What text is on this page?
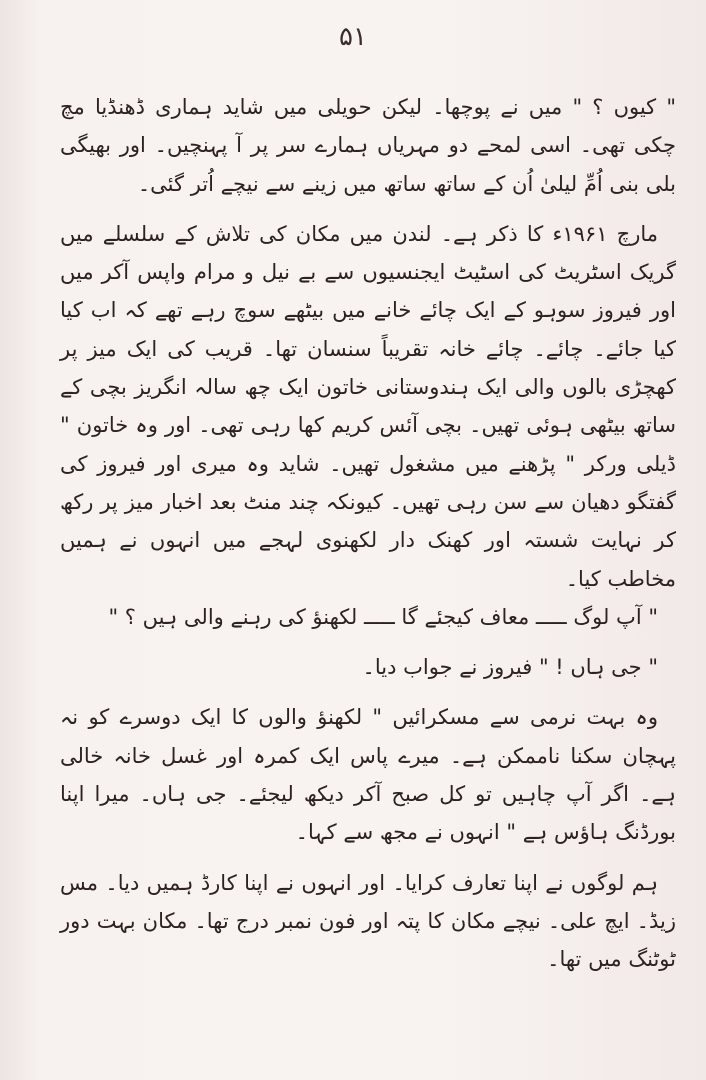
۵۱

" کیوں ؟ " میں نے پوچھا۔ لیکن حویلی میں شاید ہماری ڈھنڈیا مچ چکی تھی۔ اسی لمحے دو مہریاں ہمارے سر پر آ پہنچیں۔ اور بھیگی بلی بنی اُمِّ لیلیٰ اُن کے ساتھ ساتھ میں زینے سے نیچے اُتر گئی۔

مارچ ۱۹۶۱ء کا ذکر ہے۔ لندن میں مکان کی تلاش کے سلسلے میں گریک اسٹریٹ کی اسٹیٹ ایجنسیوں سے بے نیل و مرام واپس آکر میں اور فیروز سوہو کے ایک چائے خانے میں بیٹھے سوچ رہے تھے کہ اب کیا کیا جائے۔ چائے۔ چائے خانہ تقریباً سنسان تھا۔ قریب کی ایک میز پر کھچڑی بالوں والی ایک ہندوستانی خاتون ایک چھ سالہ انگریز بچی کے ساتھ بیٹھی ہوئی تھیں۔ بچی آئس کریم کھا رہی تھی۔ اور وہ خاتون " ڈیلی ورکر " پڑھنے میں مشغول تھیں۔ شاید وہ میری اور فیروز کی گفتگو دھیان سے سن رہی تھیں۔ کیونکہ چند منٹ بعد اخبار میز پر رکھ کر نہایت شستہ اور کھنک دار لکھنوی لہجے میں انہوں نے ہمیں مخاطب کیا۔

" آپ لوگ ـــــ معاف کیجئے گا ـــــ لکھنؤ کی رہنے والی ہیں ؟ "

" جی ہاں ! " فیروز نے جواب دیا۔

وہ بہت نرمی سے مسکرائیں " لکھنؤ والوں کا ایک دوسرے کو نہ پہچان سکنا ناممکن ہے۔ میرے پاس ایک کمرہ اور غسل خانہ خالی ہے۔ اگر آپ چاہیں تو کل صبح آکر دیکھ لیجئے۔ جی ہاں۔ میرا اپنا بورڈنگ ہاؤس ہے " انہوں نے مجھ سے کہا۔

ہم لوگوں نے اپنا تعارف کرایا۔ اور انہوں نے اپنا کارڈ ہمیں دیا۔ مس زیڈ۔ ایچ علی۔ نیچے مکان کا پتہ اور فون نمبر درج تھا۔ مکان بہت دور ٹوٹنگ میں تھا۔
